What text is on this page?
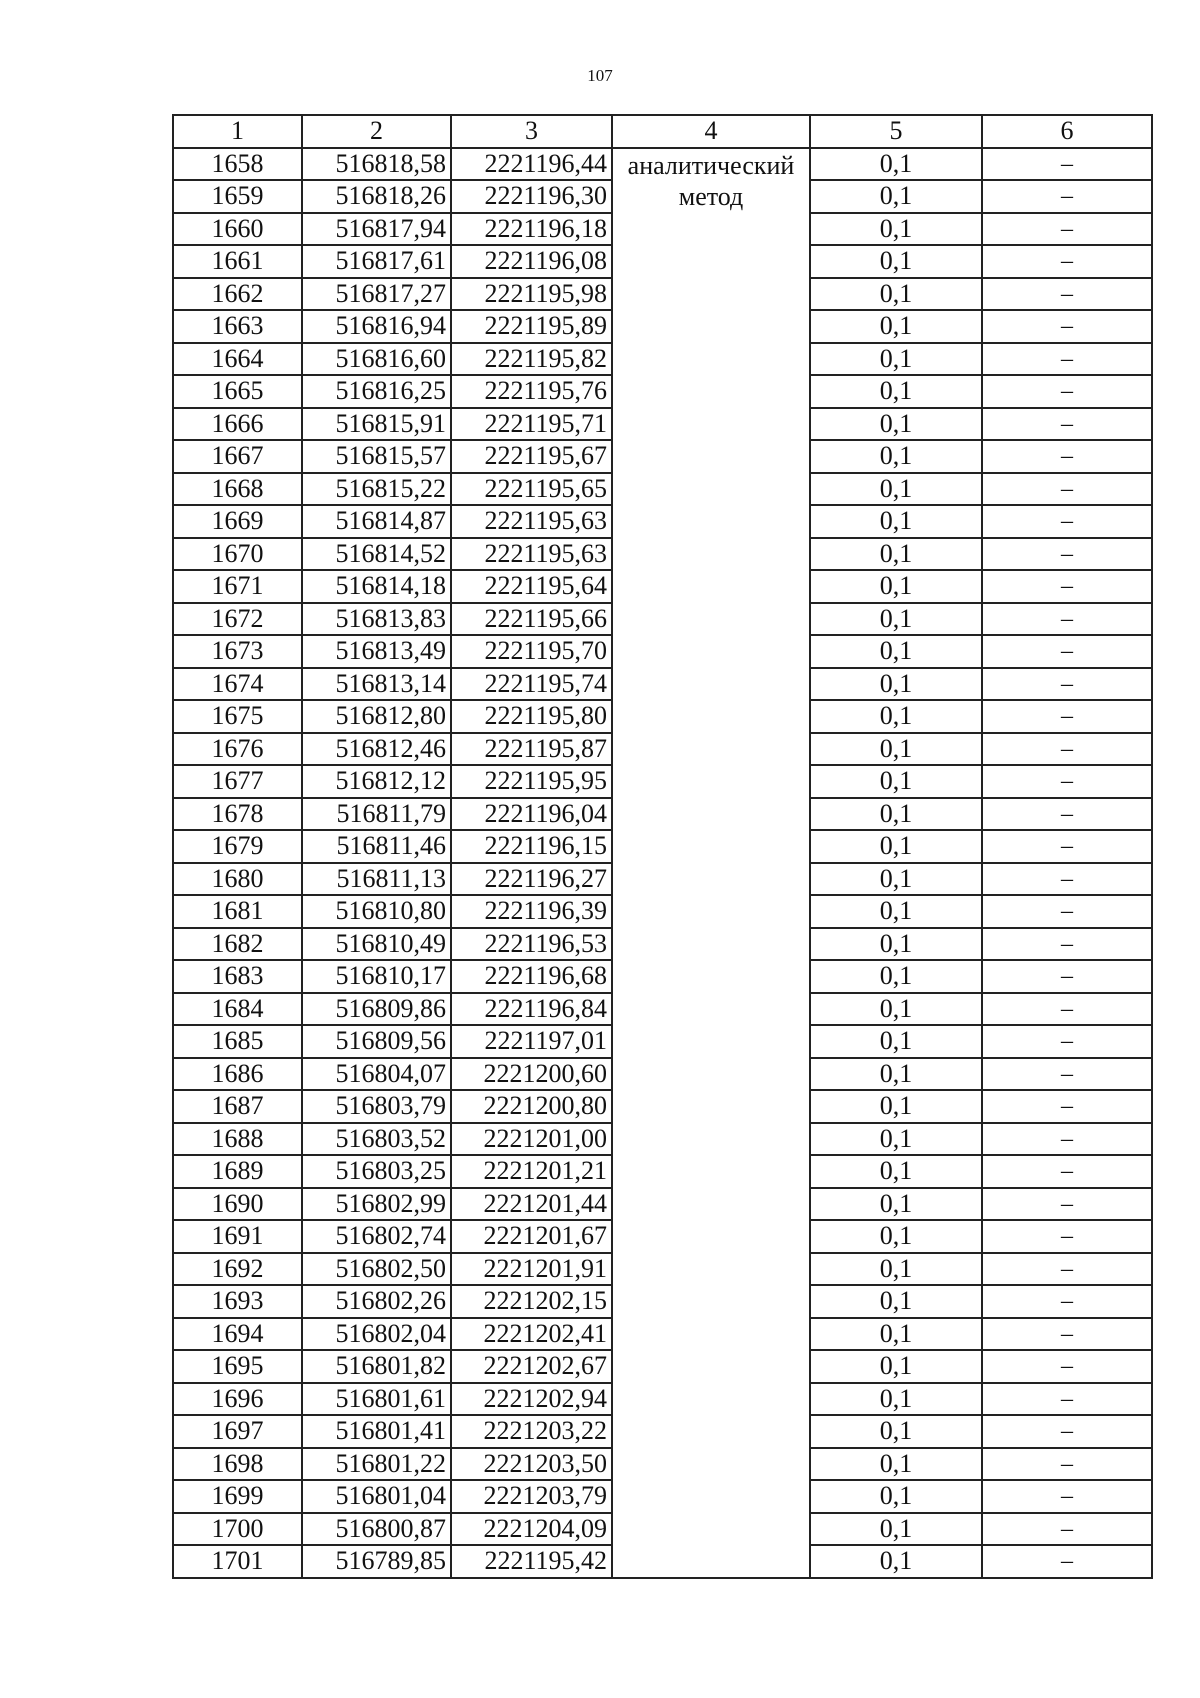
107
1	2	3	4	5	6
1658	516818,58	2221196,44	аналитический метод	0,1	–
1659	516818,26	2221196,30		0,1	–
1660	516817,94	2221196,18		0,1	–
1661	516817,61	2221196,08		0,1	–
1662	516817,27	2221195,98		0,1	–
1663	516816,94	2221195,89		0,1	–
1664	516816,60	2221195,82		0,1	–
1665	516816,25	2221195,76		0,1	–
1666	516815,91	2221195,71		0,1	–
1667	516815,57	2221195,67		0,1	–
1668	516815,22	2221195,65		0,1	–
1669	516814,87	2221195,63		0,1	–
1670	516814,52	2221195,63		0,1	–
1671	516814,18	2221195,64		0,1	–
1672	516813,83	2221195,66		0,1	–
1673	516813,49	2221195,70		0,1	–
1674	516813,14	2221195,74		0,1	–
1675	516812,80	2221195,80		0,1	–
1676	516812,46	2221195,87		0,1	–
1677	516812,12	2221195,95		0,1	–
1678	516811,79	2221196,04		0,1	–
1679	516811,46	2221196,15		0,1	–
1680	516811,13	2221196,27		0,1	–
1681	516810,80	2221196,39		0,1	–
1682	516810,49	2221196,53		0,1	–
1683	516810,17	2221196,68		0,1	–
1684	516809,86	2221196,84		0,1	–
1685	516809,56	2221197,01		0,1	–
1686	516804,07	2221200,60		0,1	–
1687	516803,79	2221200,80		0,1	–
1688	516803,52	2221201,00		0,1	–
1689	516803,25	2221201,21		0,1	–
1690	516802,99	2221201,44		0,1	–
1691	516802,74	2221201,67		0,1	–
1692	516802,50	2221201,91		0,1	–
1693	516802,26	2221202,15		0,1	–
1694	516802,04	2221202,41		0,1	–
1695	516801,82	2221202,67		0,1	–
1696	516801,61	2221202,94		0,1	–
1697	516801,41	2221203,22		0,1	–
1698	516801,22	2221203,50		0,1	–
1699	516801,04	2221203,79		0,1	–
1700	516800,87	2221204,09		0,1	–
1701	516789,85	2221195,42		0,1	–
